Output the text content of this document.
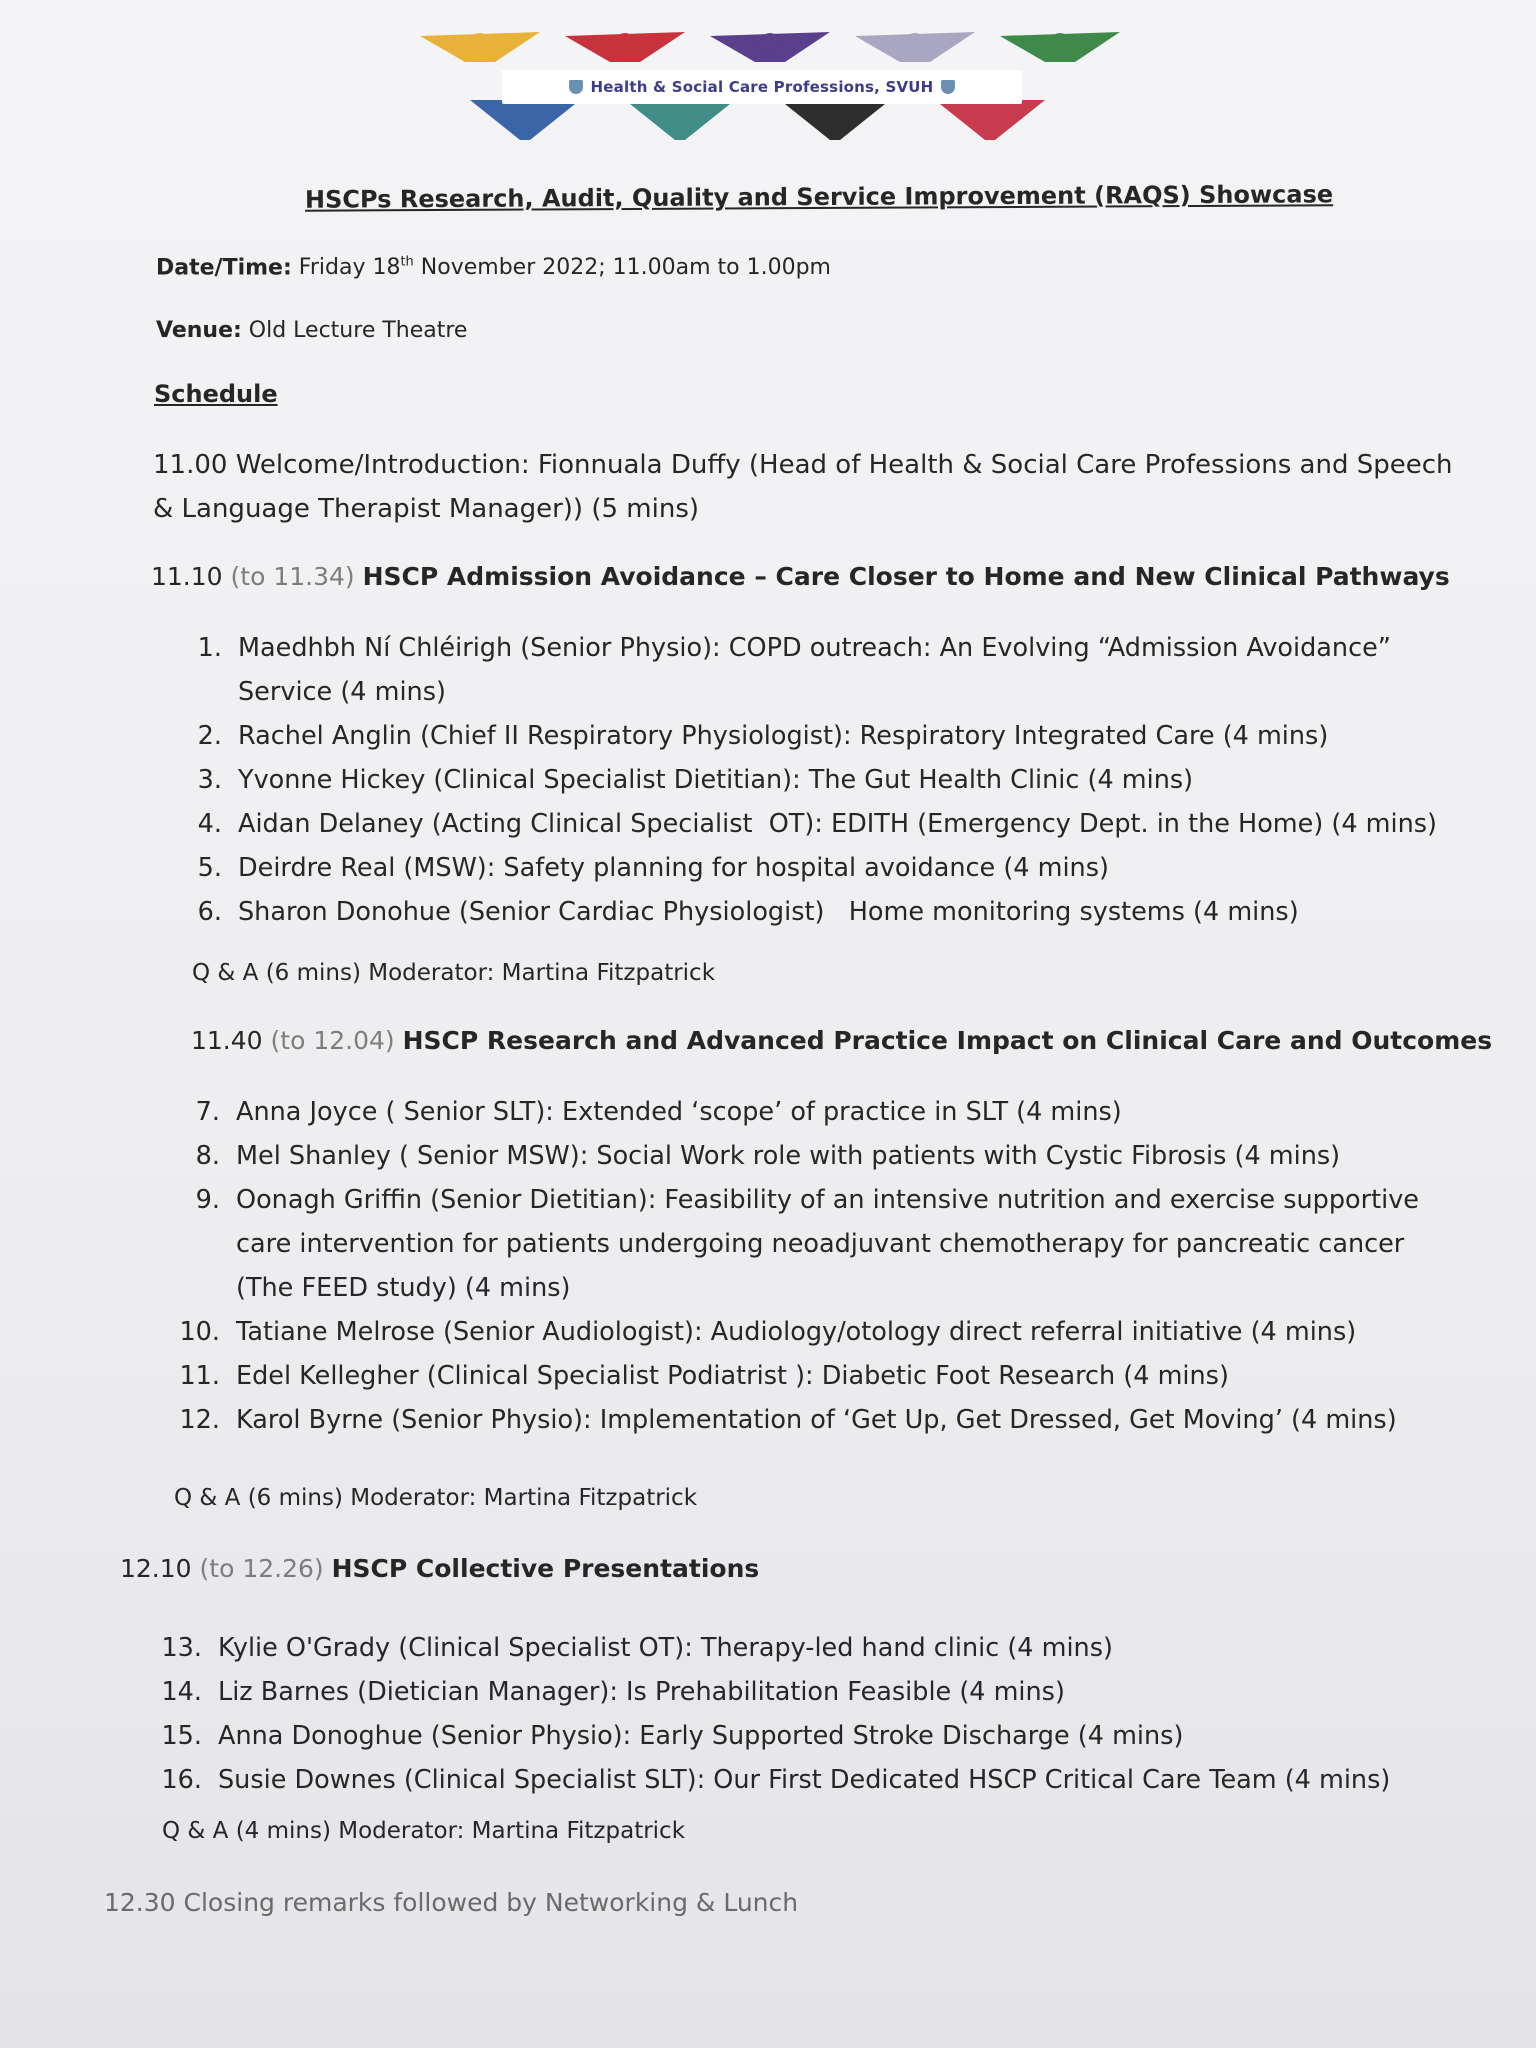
Health & Social Care Professions, SVUH
HSCPs Research, Audit, Quality and Service Improvement (RAQS) Showcase
Date/Time: Friday 18th November 2022; 11.00am to 1.00pm
Venue: Old Lecture Theatre
Schedule
11.00 Welcome/Introduction: Fionnuala Duffy (Head of Health & Social Care Professions and Speech
& Language Therapist Manager)) (5 mins)
11.10 (to 11.34) HSCP Admission Avoidance – Care Closer to Home and New Clinical Pathways
1. Maedhbh Ní Chléirigh (Senior Physio): COPD outreach: An Evolving “Admission Avoidance”
Service (4 mins)
2. Rachel Anglin (Chief II Respiratory Physiologist): Respiratory Integrated Care (4 mins)
3. Yvonne Hickey (Clinical Specialist Dietitian): The Gut Health Clinic (4 mins)
4. Aidan Delaney (Acting Clinical Specialist  OT): EDITH (Emergency Dept. in the Home) (4 mins)
5. Deirdre Real (MSW): Safety planning for hospital avoidance (4 mins)
6. Sharon Donohue (Senior Cardiac Physiologist)   Home monitoring systems (4 mins)
Q & A (6 mins) Moderator: Martina Fitzpatrick
11.40 (to 12.04) HSCP Research and Advanced Practice Impact on Clinical Care and Outcomes
7. Anna Joyce ( Senior SLT): Extended ‘scope’ of practice in SLT (4 mins)
8. Mel Shanley ( Senior MSW): Social Work role with patients with Cystic Fibrosis (4 mins)
9. Oonagh Griffin (Senior Dietitian): Feasibility of an intensive nutrition and exercise supportive
care intervention for patients undergoing neoadjuvant chemotherapy for pancreatic cancer
(The FEED study) (4 mins)
10. Tatiane Melrose (Senior Audiologist): Audiology/otology direct referral initiative (4 mins)
11. Edel Kellegher (Clinical Specialist Podiatrist ): Diabetic Foot Research (4 mins)
12. Karol Byrne (Senior Physio): Implementation of ‘Get Up, Get Dressed, Get Moving’ (4 mins)
Q & A (6 mins) Moderator: Martina Fitzpatrick
12.10 (to 12.26) HSCP Collective Presentations
13. Kylie O'Grady (Clinical Specialist OT): Therapy-led hand clinic (4 mins)
14. Liz Barnes (Dietician Manager): Is Prehabilitation Feasible (4 mins)
15. Anna Donoghue (Senior Physio): Early Supported Stroke Discharge (4 mins)
16. Susie Downes (Clinical Specialist SLT): Our First Dedicated HSCP Critical Care Team (4 mins)
Q & A (4 mins) Moderator: Martina Fitzpatrick
12.30 Closing remarks followed by Networking & Lunch
